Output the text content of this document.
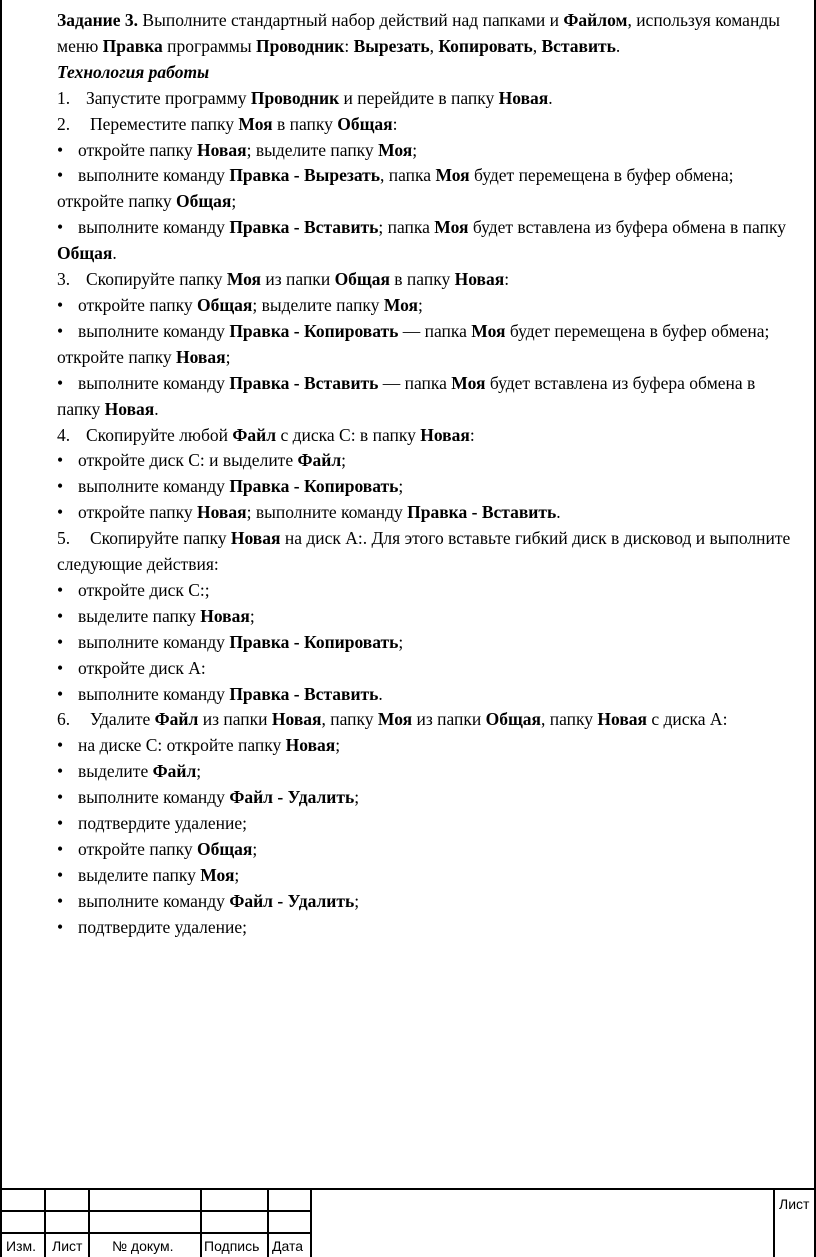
Задание 3. Выполните стандартный набор действий над папками и Файлом, используя команды меню Правка программы Проводник: Вырезать, Копировать, Вставить.

Технология работы

1. Запустите программу Проводник и перейдите в папку Новая.

2. Переместите папку Моя в папку Общая:

• откройте папку Новая; выделите папку Моя;

• выполните команду Правка - Вырезать, папка Моя будет перемещена в буфер обмена; откройте папку Общая;

• выполните команду Правка - Вставить; папка Моя будет вставлена из буфера обмена в папку Общая.

3. Скопируйте папку Моя из папки Общая в папку Новая:

• откройте папку Общая; выделите папку Моя;

• выполните команду Правка - Копировать — папка Моя будет перемещена в буфер обмена; откройте папку Новая;

• выполните команду Правка - Вставить — папка Моя будет вставлена из буфера обмена в папку Новая.

4. Скопируйте любой Файл с диска С: в папку Новая:

• откройте диск С: и выделите Файл;

• выполните команду Правка - Копировать;

• откройте папку Новая; выполните команду Правка - Вставить.

5. Скопируйте папку Новая на диск А:. Для этого вставьте гибкий диск в дисковод и выполните следующие действия:

• откройте диск С:;

• выделите папку Новая;

• выполните команду Правка - Копировать;

• откройте диск А:

• выполните команду Правка - Вставить.

6. Удалите Файл из папки Новая, папку Моя из папки Общая, папку Новая с диска А:

• на диске С: откройте папку Новая;

• выделите Файл;

• выполните команду Файл - Удалить;

• подтвердите удаление;

• откройте папку Общая;

• выделите папку Моя;

• выполните команду Файл - Удалить;

• подтвердите удаление;

Изм. Лист № докум. Подпись Дата
Лист
